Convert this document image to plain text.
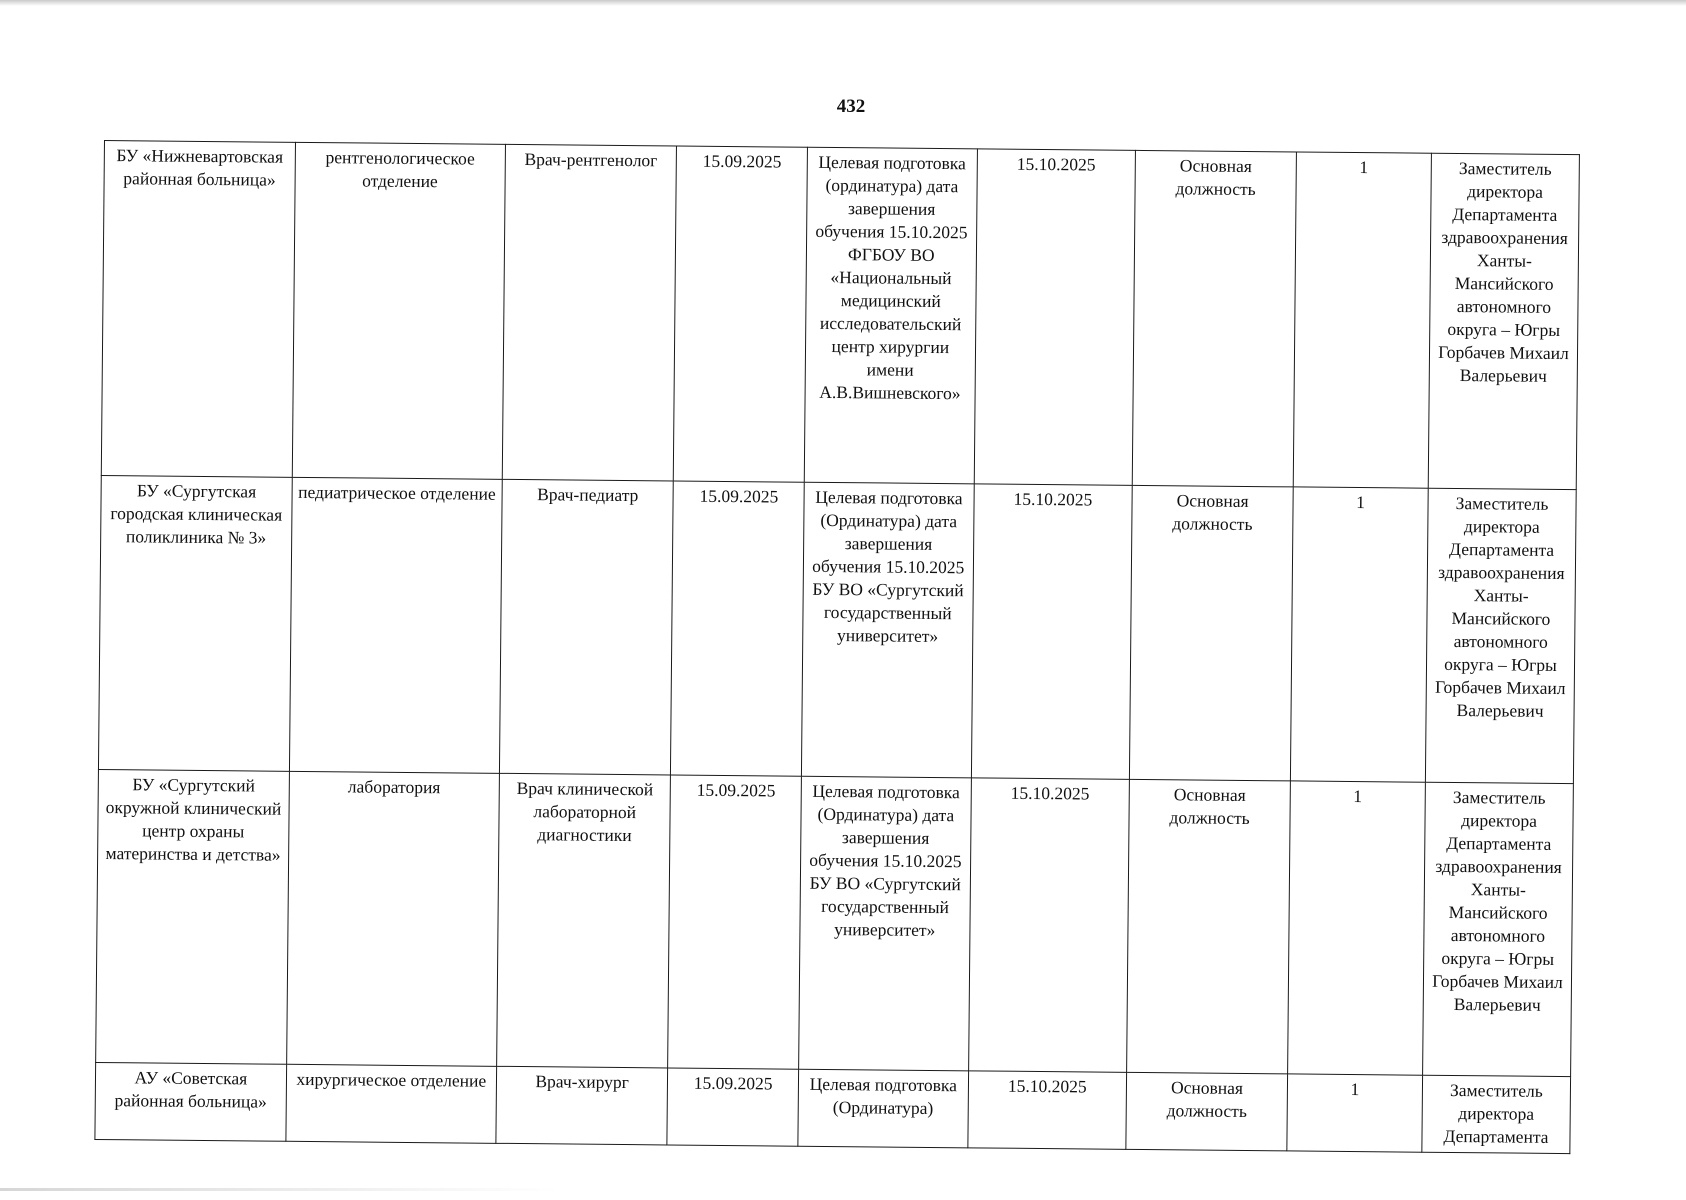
432
БУ «Нижневартовская районная больница»	рентгенологическое отделение	Врач-рентгенолог	15.09.2025	Целевая подготовка (ординатура) дата завершения обучения 15.10.2025 ФГБОУ ВО «Национальный медицинский исследовательский центр хирургии имени А.В.Вишневского»	15.10.2025	Основная должность	1	Заместитель директора Департамента здравоохранения Ханты-Мансийского автономного округа – Югры Горбачев Михаил Валерьевич

БУ «Сургутская городская клиническая поликлиника № 3»	педиатрическое отделение	Врач-педиатр	15.09.2025	Целевая подготовка (Ординатура) дата завершения обучения 15.10.2025 БУ ВО «Сургутский государственный университет»	15.10.2025	Основная должность	1	Заместитель директора Департамента здравоохранения Ханты-Мансийского автономного округа – Югры Горбачев Михаил Валерьевич

БУ «Сургутский окружной клинический центр охраны материнства и детства»	лаборатория	Врач клинической лабораторной диагностики	15.09.2025	Целевая подготовка (Ординатура) дата завершения обучения 15.10.2025 БУ ВО «Сургутский государственный университет»	15.10.2025	Основная должность	1	Заместитель директора Департамента здравоохранения Ханты-Мансийского автономного округа – Югры Горбачев Михаил Валерьевич

АУ «Советская районная больница»	хирургическое отделение	Врач-хирург	15.09.2025	Целевая подготовка (Ординатура)	15.10.2025	Основная должность	1	Заместитель директора Департамента
